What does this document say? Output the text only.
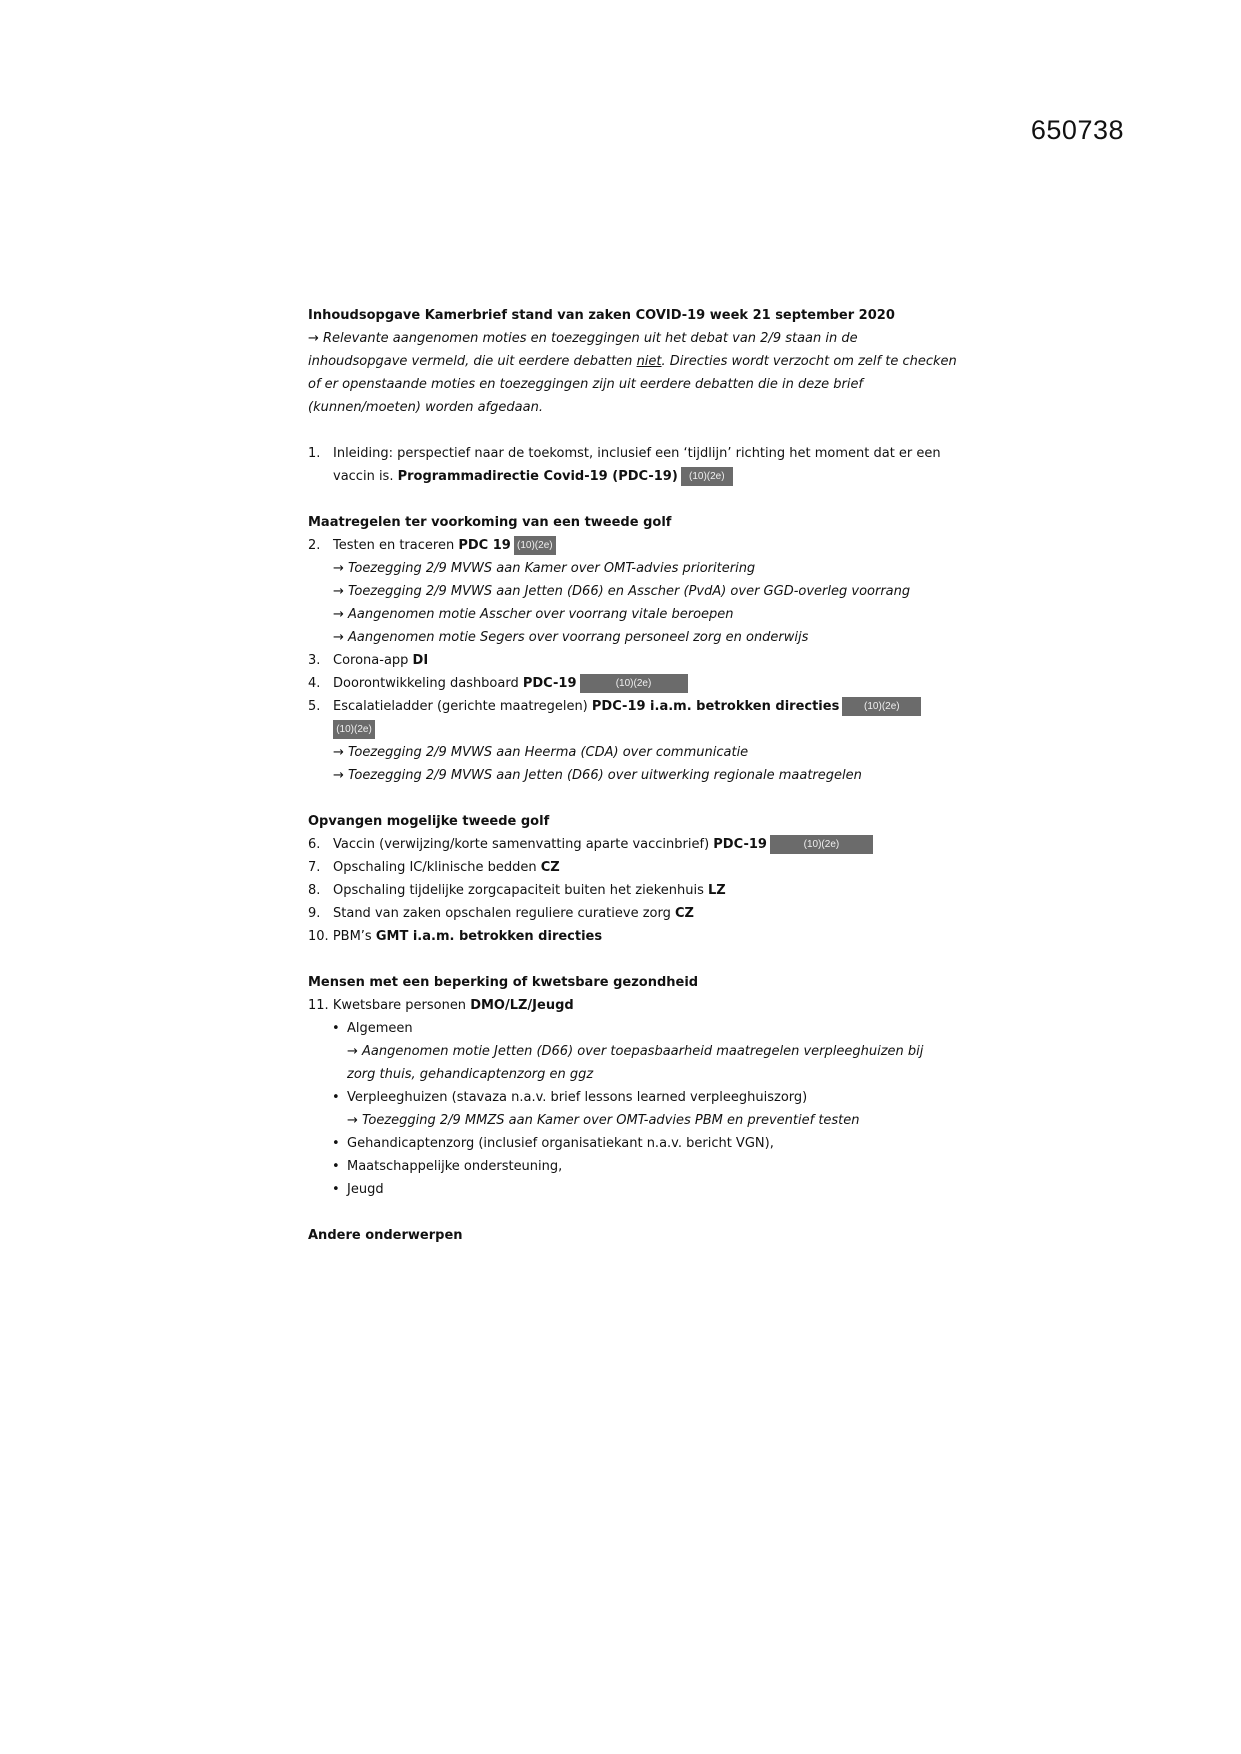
650738
Inhoudsopgave Kamerbrief stand van zaken COVID-19 week 21 september 2020
→ Relevante aangenomen moties en toezeggingen uit het debat van 2/9 staan in de
inhoudsopgave vermeld, die uit eerdere debatten niet. Directies wordt verzocht om zelf te checken
of er openstaande moties en toezeggingen zijn uit eerdere debatten die in deze brief
(kunnen/moeten) worden afgedaan.
1. Inleiding: perspectief naar de toekomst, inclusief een ‘tijdlijn’ richting het moment dat er een
vaccin is. Programmadirectie Covid-19 (PDC-19) (10)(2e)
Maatregelen ter voorkoming van een tweede golf
2. Testen en traceren PDC 19 (10)(2e)
→ Toezegging 2/9 MVWS aan Kamer over OMT-advies prioritering
→ Toezegging 2/9 MVWS aan Jetten (D66) en Asscher (PvdA) over GGD-overleg voorrang
→ Aangenomen motie Asscher over voorrang vitale beroepen
→ Aangenomen motie Segers over voorrang personeel zorg en onderwijs
3. Corona-app DI
4. Doorontwikkeling dashboard PDC-19	(10)(2e)
5. Escalatieladder (gerichte maatregelen) PDC-19 i.a.m. betrokken directies (10)(2e)
(10)(2e)
→ Toezegging 2/9 MVWS aan Heerma (CDA) over communicatie
→ Toezegging 2/9 MVWS aan Jetten (D66) over uitwerking regionale maatregelen
Opvangen mogelijke tweede golf
6. Vaccin (verwijzing/korte samenvatting aparte vaccinbrief) PDC-19	(10)(2e)
7. Opschaling IC/klinische bedden CZ
8. Opschaling tijdelijke zorgcapaciteit buiten het ziekenhuis LZ
9. Stand van zaken opschalen reguliere curatieve zorg CZ
10. PBM’s GMT i.a.m. betrokken directies
Mensen met een beperking of kwetsbare gezondheid
11. Kwetsbare personen DMO/LZ/Jeugd
• Algemeen
→ Aangenomen motie Jetten (D66) over toepasbaarheid maatregelen verpleeghuizen bij
zorg thuis, gehandicaptenzorg en ggz
• Verpleeghuizen (stavaza n.a.v. brief lessons learned verpleeghuiszorg)
→ Toezegging 2/9 MMZS aan Kamer over OMT-advies PBM en preventief testen
• Gehandicaptenzorg (inclusief organisatiekant n.a.v. bericht VGN),
• Maatschappelijke ondersteuning,
• Jeugd
Andere onderwerpen
